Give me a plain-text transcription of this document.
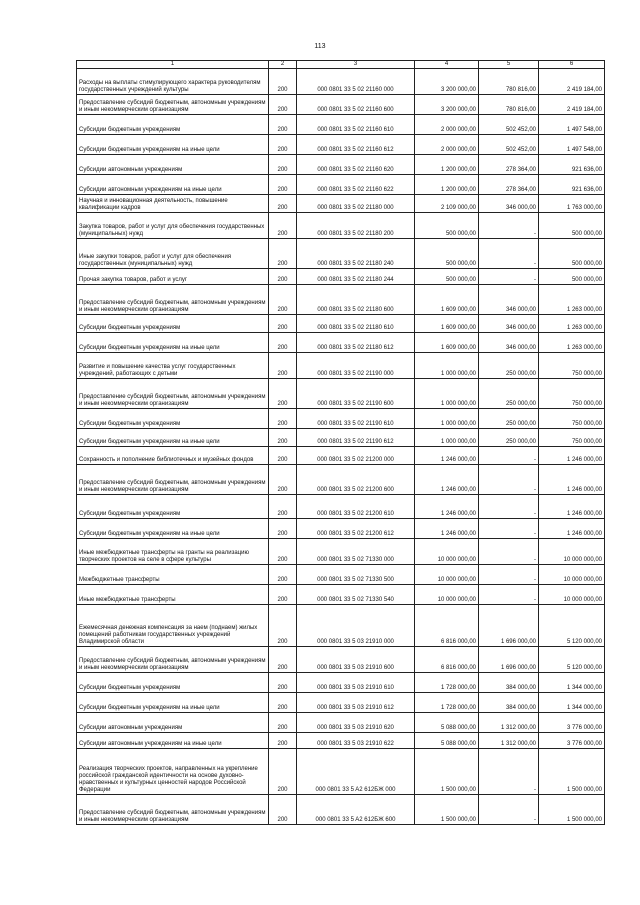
113
1	2	3	4	5	6
Расходы на выплаты стимулирующего характера руководителям государственных учреждений культуры	200	000 0801 33 5 02 21160 000	3 200 000,00	780 816,00	2 419 184,00
Предоставление субсидий бюджетным, автономным учреждениям и иным некоммерческим организациям	200	000 0801 33 5 02 21160 600	3 200 000,00	780 816,00	2 419 184,00
Субсидии бюджетным учреждениям	200	000 0801 33 5 02 21160 610	2 000 000,00	502 452,00	1 497 548,00
Субсидии бюджетным учреждениям на иные цели	200	000 0801 33 5 02 21160 612	2 000 000,00	502 452,00	1 497 548,00
Субсидии автономным учреждениям	200	000 0801 33 5 02 21160 620	1 200 000,00	278 364,00	921 636,00
Субсидии автономным учреждениям на иные цели	200	000 0801 33 5 02 21160 622	1 200 000,00	278 364,00	921 636,00
Научная и инновационная деятельность, повышение квалификации кадров	200	000 0801 33 5 02 21180 000	2 109 000,00	346 000,00	1 763 000,00
Закупка товаров, работ и услуг для обеспечения государственных (муниципальных) нужд	200	000 0801 33 5 02 21180 200	500 000,00	-	500 000,00
Иные закупки товаров, работ и услуг для обеспечения государственных (муниципальных) нужд	200	000 0801 33 5 02 21180 240	500 000,00	-	500 000,00
Прочая закупка товаров, работ и услуг	200	000 0801 33 5 02 21180 244	500 000,00	-	500 000,00
Предоставление субсидий бюджетным, автономным учреждениям и иным некоммерческим организациям	200	000 0801 33 5 02 21180 600	1 609 000,00	346 000,00	1 263 000,00
Субсидии бюджетным учреждениям	200	000 0801 33 5 02 21180 610	1 609 000,00	346 000,00	1 263 000,00
Субсидии бюджетным учреждениям на иные цели	200	000 0801 33 5 02 21180 612	1 609 000,00	346 000,00	1 263 000,00
Развитие и повышение качества услуг государственных учреждений, работающих с детьми	200	000 0801 33 5 02 21190 000	1 000 000,00	250 000,00	750 000,00
Предоставление субсидий бюджетным, автономным учреждениям и иным некоммерческим организациям	200	000 0801 33 5 02 21190 600	1 000 000,00	250 000,00	750 000,00
Субсидии бюджетным учреждениям	200	000 0801 33 5 02 21190 610	1 000 000,00	250 000,00	750 000,00
Субсидии бюджетным учреждениям на иные цели	200	000 0801 33 5 02 21190 612	1 000 000,00	250 000,00	750 000,00
Сохранность и пополнение библиотечных и музейных фондов	200	000 0801 33 5 02 21200 000	1 246 000,00	-	1 246 000,00
Предоставление субсидий бюджетным, автономным учреждениям и иным некоммерческим организациям	200	000 0801 33 5 02 21200 600	1 246 000,00	-	1 246 000,00
Субсидии бюджетным учреждениям	200	000 0801 33 5 02 21200 610	1 246 000,00	-	1 246 000,00
Субсидии бюджетным учреждениям на иные цели	200	000 0801 33 5 02 21200 612	1 246 000,00	-	1 246 000,00
Иные межбюджетные трансферты на гранты на реализацию творческих проектов на селе в сфере культуры	200	000 0801 33 5 02 71330 000	10 000 000,00	-	10 000 000,00
Межбюджетные трансферты	200	000 0801 33 5 02 71330 500	10 000 000,00	-	10 000 000,00
Иные межбюджетные трансферты	200	000 0801 33 5 02 71330 540	10 000 000,00	-	10 000 000,00
Ежемесячная денежная компенсация за наем (поднаем) жилых помещений работникам государственных учреждений Владимирской области	200	000 0801 33 5 03 21910 000	6 816 000,00	1 696 000,00	5 120 000,00
Предоставление субсидий бюджетным, автономным учреждениям и иным некоммерческим организациям	200	000 0801 33 5 03 21910 600	6 816 000,00	1 696 000,00	5 120 000,00
Субсидии бюджетным учреждениям	200	000 0801 33 5 03 21910 610	1 728 000,00	384 000,00	1 344 000,00
Субсидии бюджетным учреждениям на иные цели	200	000 0801 33 5 03 21910 612	1 728 000,00	384 000,00	1 344 000,00
Субсидии автономным учреждениям	200	000 0801 33 5 03 21910 620	5 088 000,00	1 312 000,00	3 776 000,00
Субсидии автономным учреждениям на иные цели	200	000 0801 33 5 03 21910 622	5 088 000,00	1 312 000,00	3 776 000,00
Реализация творческих проектов, направленных на укрепление российской гражданской идентичности на основе духовно-нравственных и культурных ценностей народов Российской Федерации	200	000 0801 33 5 A2 612БЖ 000	1 500 000,00	-	1 500 000,00
Предоставление субсидий бюджетным, автономным учреждениям и иным некоммерческим организациям	200	000 0801 33 5 A2 612БЖ 600	1 500 000,00	-	1 500 000,00
